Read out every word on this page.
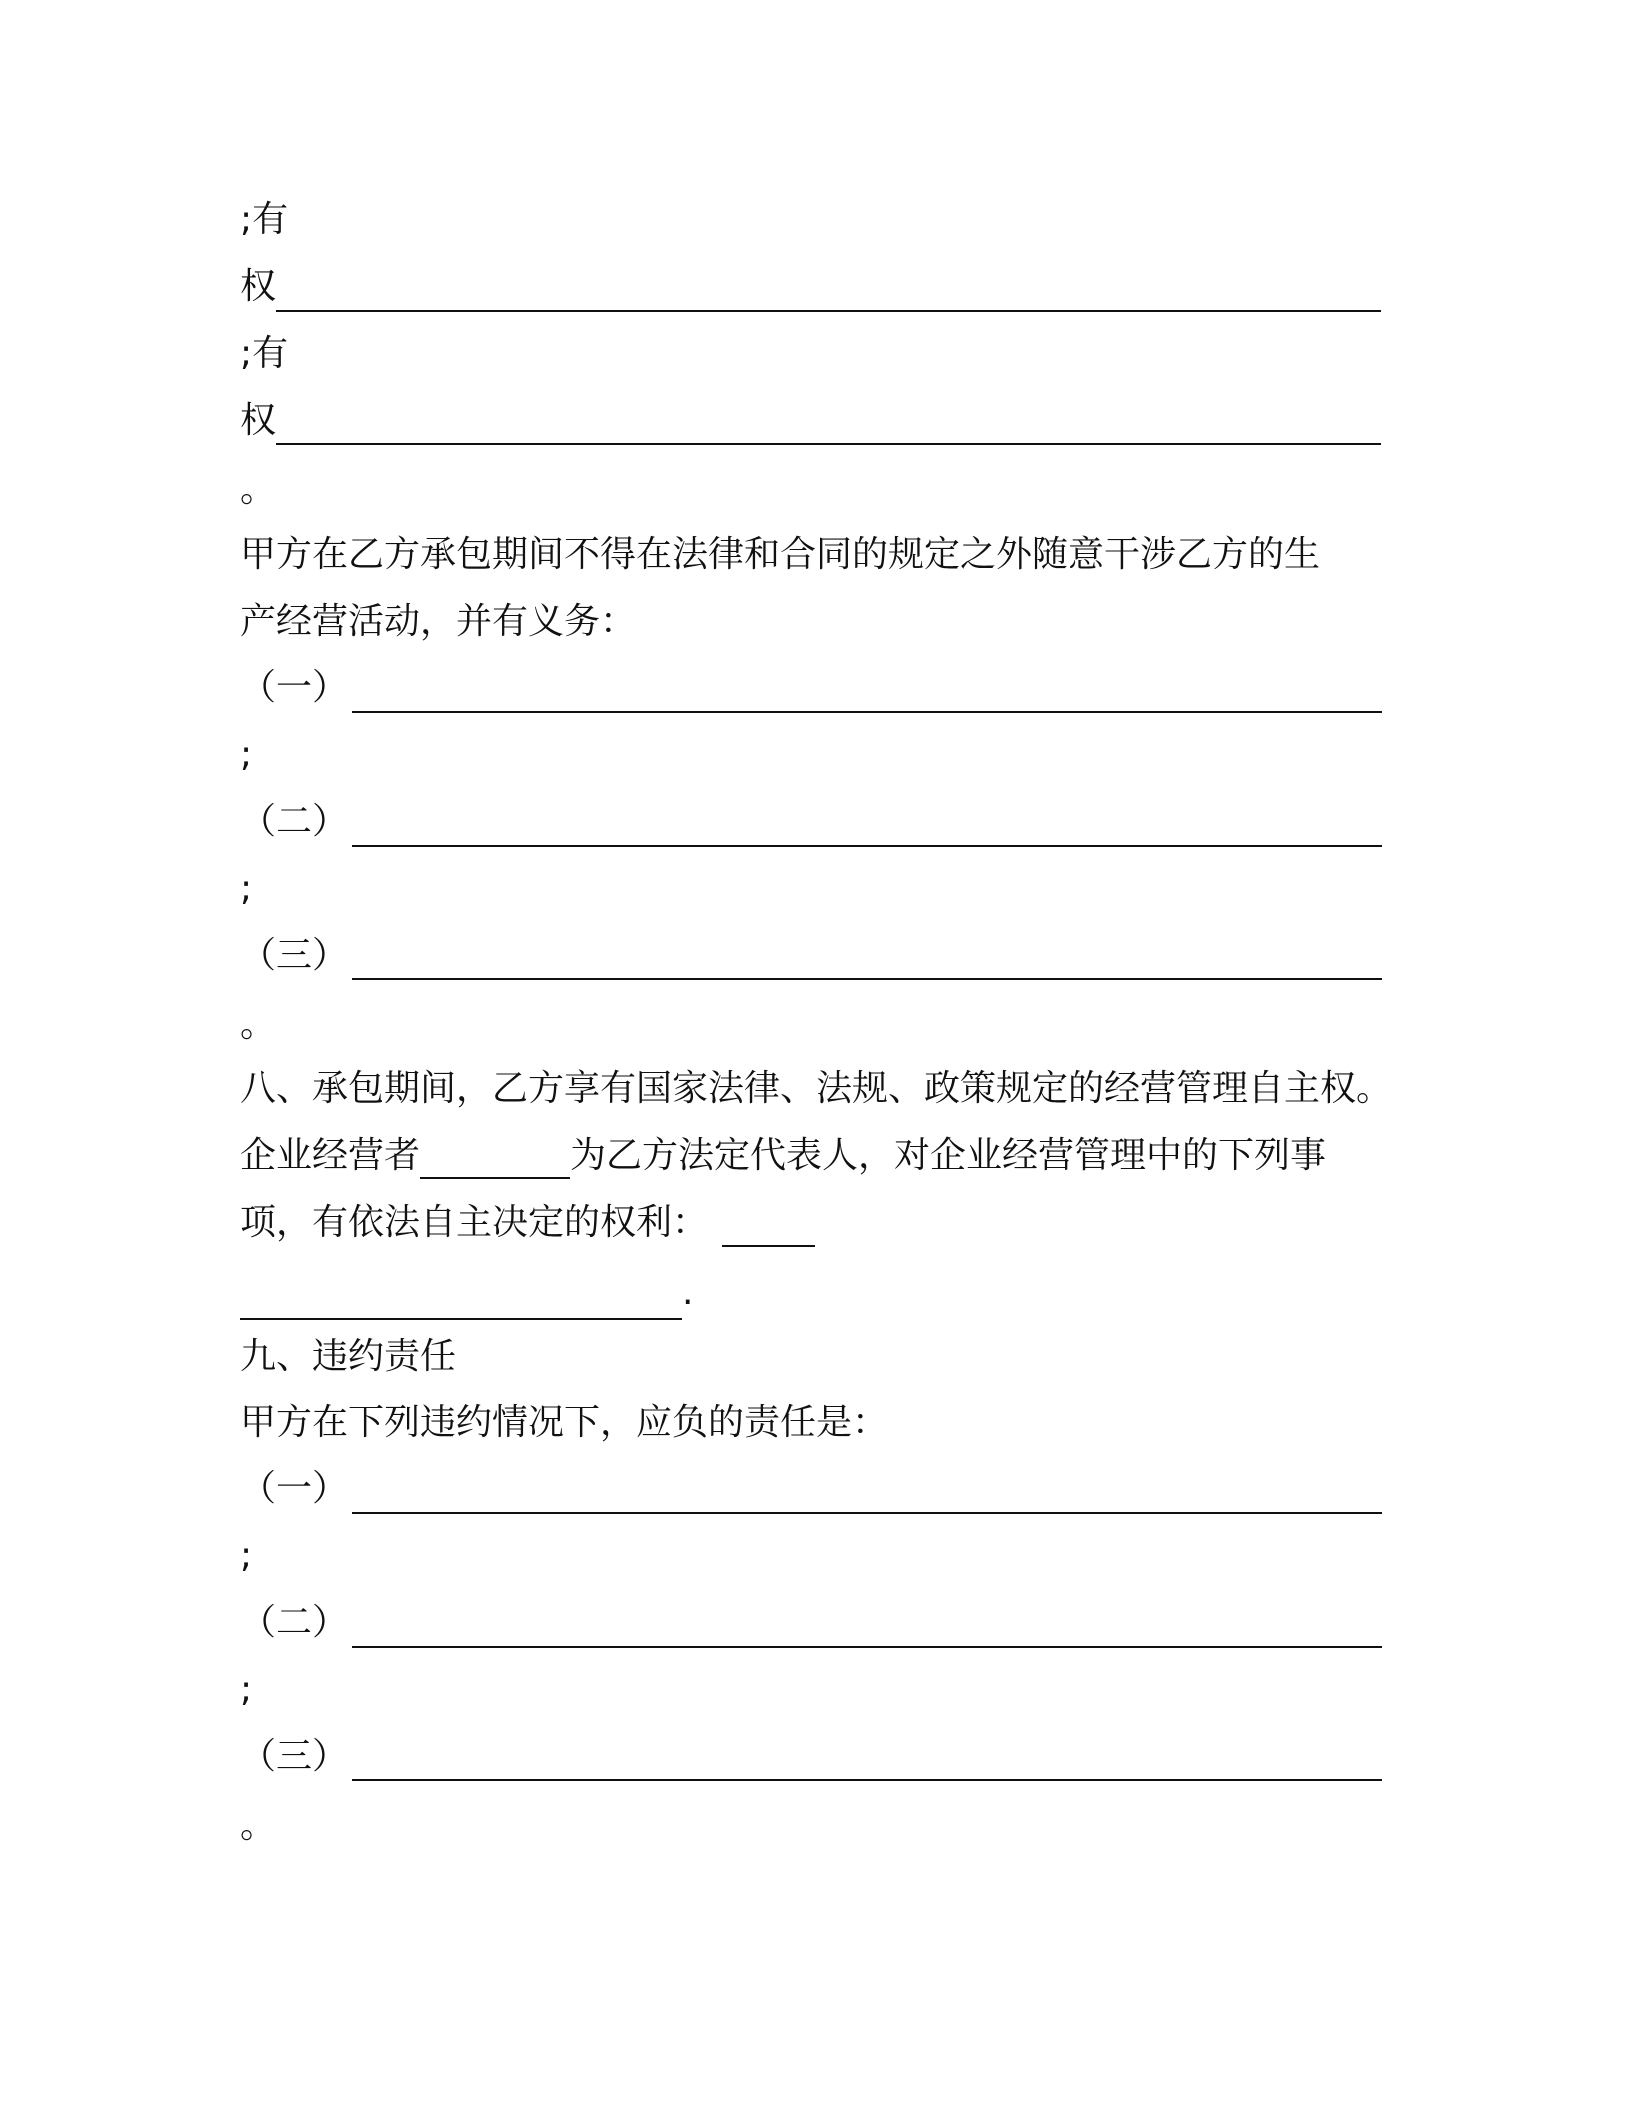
;有
权
;有
权
。
甲方在乙方承包期间不得在法律和合同的规定之外随意干涉乙方的生
产经营活动，并有义务：
（一）
;
（二）
;
（三）
。
八、承包期间，乙方享有国家法律、法规、政策规定的经营管理自主权。
企业经营者	为乙方法定代表人，对企业经营管理中的下列事
项，有依法自主决定的权利：
.
九、违约责任
甲方在下列违约情况下，应负的责任是：
（一）
;
（二）
;
（三）
。
